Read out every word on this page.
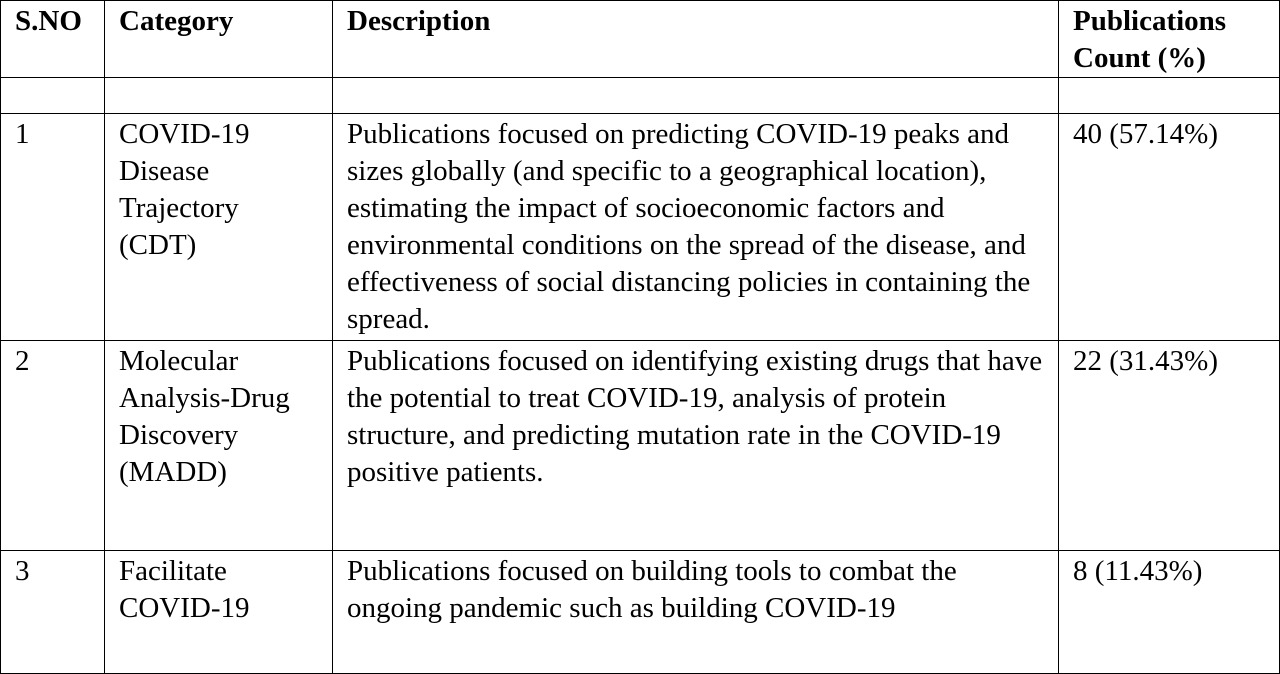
S.NO	Category	Description	Publications Count (%)

1	COVID-19 Disease Trajectory (CDT)	Publications focused on predicting COVID-19 peaks and sizes globally (and specific to a geographical location), estimating the impact of socioeconomic factors and environmental conditions on the spread of the disease, and effectiveness of social distancing policies in containing the spread.	40 (57.14%)
2	Molecular Analysis-Drug Discovery (MADD)	Publications focused on identifying existing drugs that have the potential to treat COVID-19, analysis of protein structure, and predicting mutation rate in the COVID-19 positive patients.	22 (31.43%)
3	Facilitate COVID-19	Publications focused on building tools to combat the ongoing pandemic such as building COVID-19	8 (11.43%)
